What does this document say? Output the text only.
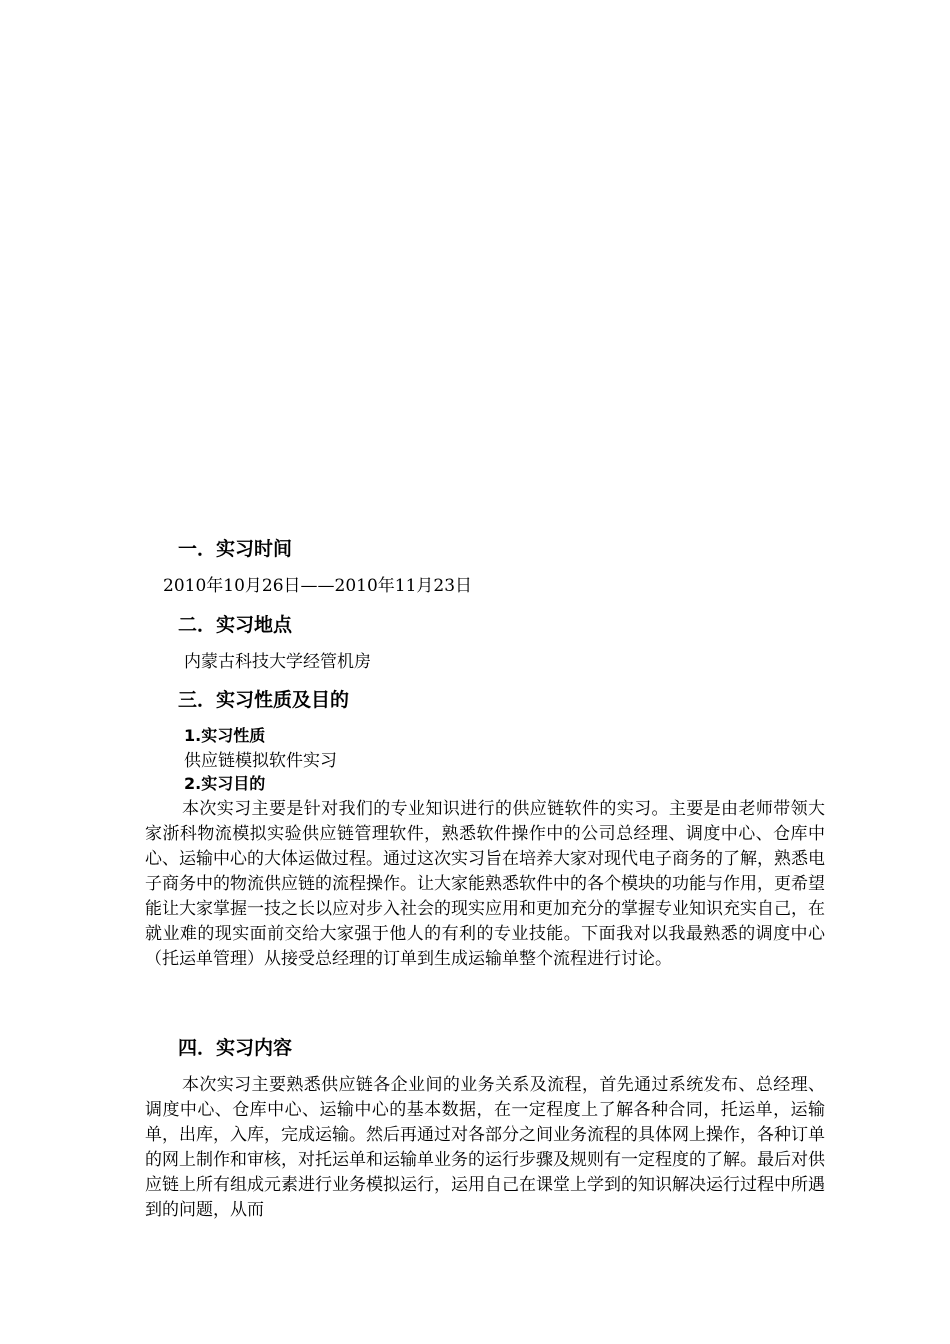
一．实习时间
2010年10月26日——2010年11月23日
二．实习地点
内蒙古科技大学经管机房
三．实习性质及目的
1.实习性质
供应链模拟软件实习
2.实习目的

本次实习主要是针对我们的专业知识进行的供应链软件的实习。主要是由老师带领大家浙科物流模拟实验供应链管理软件，熟悉软件操作中的公司总经理、调度中心、仓库中心、运输中心的大体运做过程。通过这次实习旨在培养大家对现代电子商务的了解，熟悉电子商务中的物流供应链的流程操作。让大家能熟悉软件中的各个模块的功能与作用，更希望能让大家掌握一技之长以应对步入社会的现实应用和更加充分的掌握专业知识充实自己，在就业难的现实面前交给大家强于他人的有利的专业技能。下面我对以我最熟悉的调度中心（托运单管理）从接受总经理的订单到生成运输单整个流程进行讨论。

四．实习内容

本次实习主要熟悉供应链各企业间的业务关系及流程，首先通过系统发布、总经理、调度中心、仓库中心、运输中心的基本数据，在一定程度上了解各种合同，托运单，运输单，出库，入库，完成运输。然后再通过对各部分之间业务流程的具体网上操作，各种订单的网上制作和审核，对托运单和运输单业务的运行步骤及规则有一定程度的了解。最后对供应链上所有组成元素进行业务模拟运行，运用自己在课堂上学到的知识解决运行过程中所遇到的问题，从而
